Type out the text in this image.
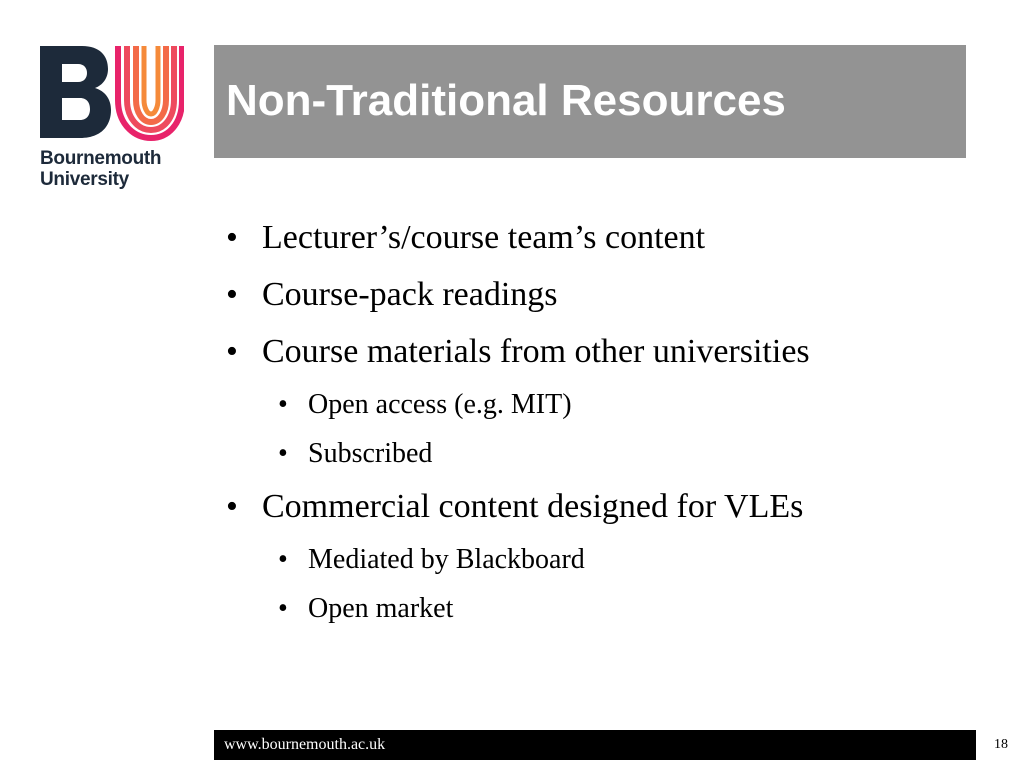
Bournemouth
University
Non-Traditional Resources
• Lecturer’s/course team’s content
• Course-pack readings
• Course materials from other universities
• Open access (e.g. MIT)
• Subscribed
• Commercial content designed for VLEs
• Mediated by Blackboard
• Open market
www.bournemouth.ac.uk	18
